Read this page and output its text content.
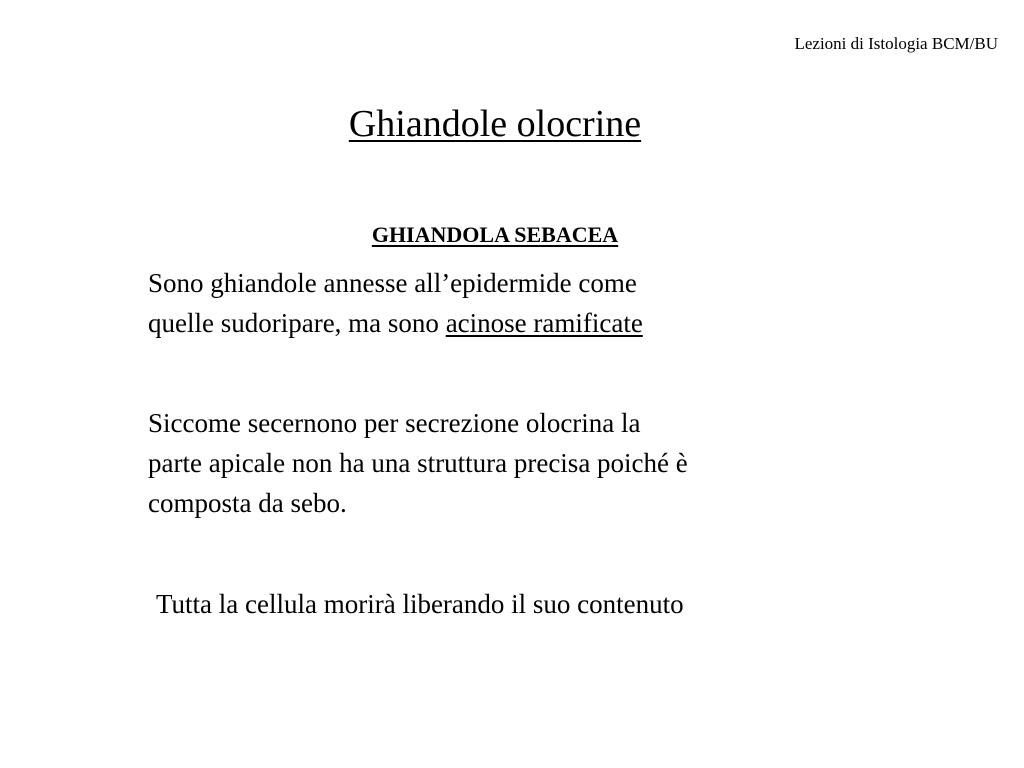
Lezioni di Istologia BCM/BU
Ghiandole olocrine
GHIANDOLA SEBACEA
Sono ghiandole annesse all’epidermide come
quelle sudoripare, ma sono acinose ramificate
Siccome secernono per secrezione olocrina la
parte apicale non ha una struttura precisa poiché è
composta da sebo.
Tutta la cellula morirà liberando il suo contenuto
